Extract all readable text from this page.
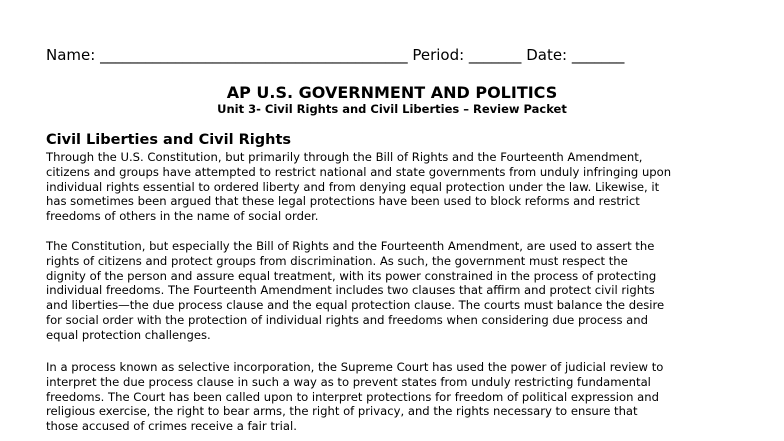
Name: _________________________________________ Period: _______ Date: _______
AP U.S. GOVERNMENT AND POLITICS
Unit 3- Civil Rights and Civil Liberties – Review Packet
Civil Liberties and Civil Rights
Through the U.S. Constitution, but primarily through the Bill of Rights and the Fourteenth Amendment,
citizens and groups have attempted to restrict national and state governments from unduly infringing upon
individual rights essential to ordered liberty and from denying equal protection under the law. Likewise, it
has sometimes been argued that these legal protections have been used to block reforms and restrict
freedoms of others in the name of social order.
The Constitution, but especially the Bill of Rights and the Fourteenth Amendment, are used to assert the
rights of citizens and protect groups from discrimination. As such, the government must respect the
dignity of the person and assure equal treatment, with its power constrained in the process of protecting
individual freedoms. The Fourteenth Amendment includes two clauses that affirm and protect civil rights
and liberties—the due process clause and the equal protection clause. The courts must balance the desire
for social order with the protection of individual rights and freedoms when considering due process and
equal protection challenges.
In a process known as selective incorporation, the Supreme Court has used the power of judicial review to
interpret the due process clause in such a way as to prevent states from unduly restricting fundamental
freedoms. The Court has been called upon to interpret protections for freedom of political expression and
religious exercise, the right to bear arms, the right of privacy, and the rights necessary to ensure that
those accused of crimes receive a fair trial.
